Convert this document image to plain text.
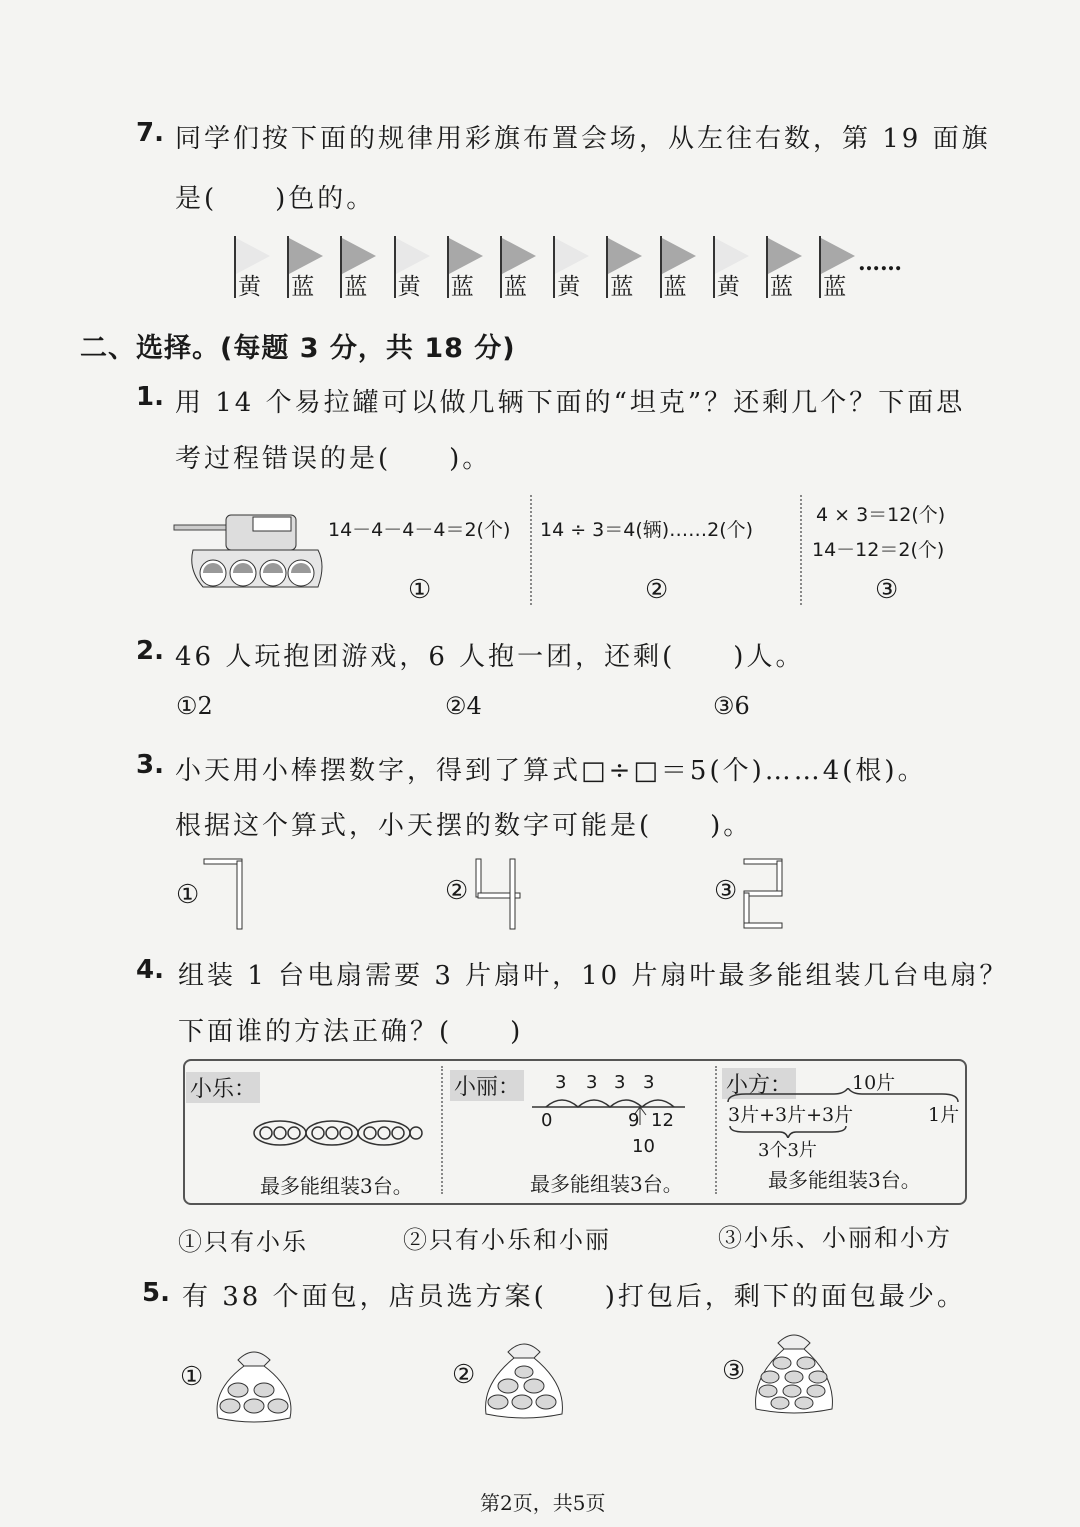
7. 同学们按下面的规律用彩旗布置会场，从左往右数，第 19 面旗
是(　　)色的。
黄 蓝 蓝 黄 蓝 蓝 黄 蓝 蓝 黄 蓝 蓝
……
二、选择。(每题 3 分，共 18 分)
1. 用 14 个易拉罐可以做几辆下面的“坦克”？还剩几个？下面思
考过程错误的是(　　)。
14－4－4－4＝2(个)
①
14 ÷ 3＝4(辆)……2(个)
②
4 × 3＝12(个)
14－12＝2(个)
③
2. 46 人玩抱团游戏，6 人抱一团，还剩(　　)人。
①2	②4	③6
3. 小天用小棒摆数字，得到了算式□÷□＝5(个)……4(根)。
根据这个算式，小天摆的数字可能是(　　)。
①	②	③
4. 组装 1 台电扇需要 3 片扇叶，10 片扇叶最多能组装几台电扇？
下面谁的方法正确？(　　)
小乐：
最多能组装3台。
小丽： 3 3 3 3
0	9 12
10
最多能组装3台。
小方：	10片
3片+3片+3片	1片
3个3片
最多能组装3台。
①只有小乐	②只有小乐和小丽	③小乐、小丽和小方
5. 有 38 个面包，店员选方案(　　)打包后，剩下的面包最少。
①	②	③
第2页，共5页
